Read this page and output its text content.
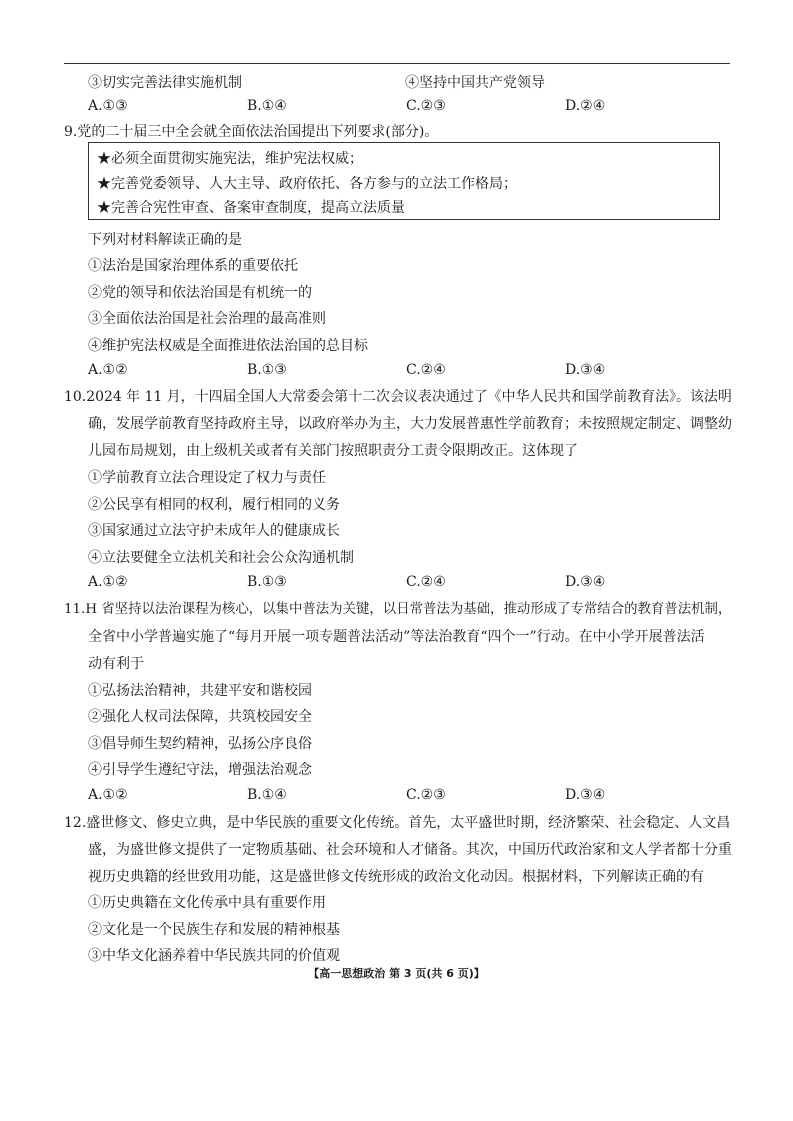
③切实完善法律实施机制	④坚持中国共产党领导
A.①③	B.①④	C.②③	D.②④
9.党的二十届三中全会就全面依法治国提出下列要求(部分)。
★必须全面贯彻实施宪法，维护宪法权威；
★完善党委领导、人大主导、政府依托、各方参与的立法工作格局；
★完善合宪性审查、备案审查制度，提高立法质量
下列对材料解读正确的是
①法治是国家治理体系的重要依托
②党的领导和依法治国是有机统一的
③全面依法治国是社会治理的最高准则
④维护宪法权威是全面推进依法治国的总目标
A.①②	B.①③	C.②④	D.③④
10.2024 年 11 月，十四届全国人大常委会第十二次会议表决通过了《中华人民共和国学前教育法》。该法明
确，发展学前教育坚持政府主导，以政府举办为主，大力发展普惠性学前教育；未按照规定制定、调整幼
儿园布局规划，由上级机关或者有关部门按照职责分工责令限期改正。这体现了
①学前教育立法合理设定了权力与责任
②公民享有相同的权利，履行相同的义务
③国家通过立法守护未成年人的健康成长
④立法要健全立法机关和社会公众沟通机制
A.①②	B.①③	C.②④	D.③④
11.H 省坚持以法治课程为核心，以集中普法为关键，以日常普法为基础，推动形成了专常结合的教育普法机制，
全省中小学普遍实施了“每月开展一项专题普法活动”等法治教育“四个一”行动。在中小学开展普法活
动有利于
①弘扬法治精神，共建平安和谐校园
②强化人权司法保障，共筑校园安全
③倡导师生契约精神，弘扬公序良俗
④引导学生遵纪守法，增强法治观念
A.①②	B.①④	C.②③	D.③④
12.盛世修文、修史立典，是中华民族的重要文化传统。首先，太平盛世时期，经济繁荣、社会稳定、人文昌
盛，为盛世修文提供了一定物质基础、社会环境和人才储备。其次，中国历代政治家和文人学者都十分重
视历史典籍的经世致用功能，这是盛世修文传统形成的政治文化动因。根据材料，下列解读正确的有
①历史典籍在文化传承中具有重要作用
②文化是一个民族生存和发展的精神根基
③中华文化涵养着中华民族共同的价值观
【高一思想政治 第 3 页(共 6 页)】
